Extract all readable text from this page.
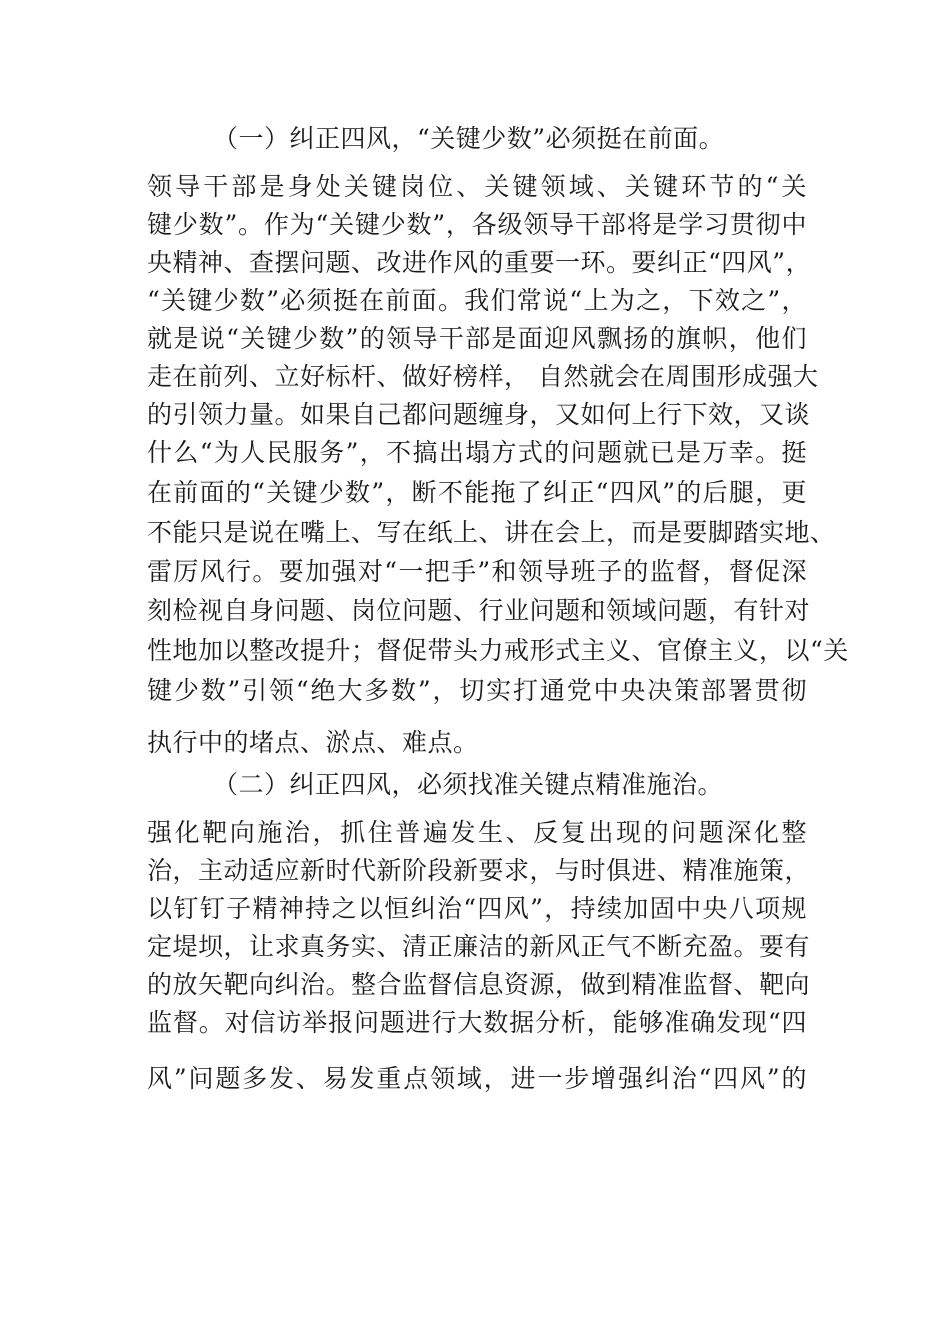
（一）纠正四风，“关键少数”必须挺在前面。
领导干部是身处关键岗位、关键领域、关键环节的“关
键少数”。作为“关键少数”，各级领导干部将是学习贯彻中
央精神、查摆问题、改进作风的重要一环。要纠正“四风”，
“关键少数”必须挺在前面。我们常说“上为之，下效之”，
就是说“关键少数”的领导干部是面迎风飘扬的旗帜，他们
走在前列、立好标杆、做好榜样， 自然就会在周围形成强大
的引领力量。如果自己都问题缠身，又如何上行下效，又谈
什么“为人民服务”，不搞出塌方式的问题就已是万幸。挺
在前面的“关键少数”，断不能拖了纠正“四风”的后腿，更
不能只是说在嘴上、写在纸上、讲在会上，而是要脚踏实地、
雷厉风行。要加强对“一把手”和领导班子的监督，督促深
刻检视自身问题、岗位问题、行业问题和领域问题，有针对
性地加以整改提升；督促带头力戒形式主义、官僚主义，以“关
键少数”引领“绝大多数”，切实打通党中央决策部署贯彻
执行中的堵点、淤点、难点。
（二）纠正四风，必须找准关键点精准施治。
强化靶向施治，抓住普遍发生、反复出现的问题深化整
治，主动适应新时代新阶段新要求，与时俱进、精准施策，
以钉钉子精神持之以恒纠治“四风”，持续加固中央八项规
定堤坝，让求真务实、清正廉洁的新风正气不断充盈。要有
的放矢靶向纠治。整合监督信息资源，做到精准监督、靶向
监督。对信访举报问题进行大数据分析，能够准确发现“四
风”问题多发、易发重点领域，进一步增强纠治“四风”的
